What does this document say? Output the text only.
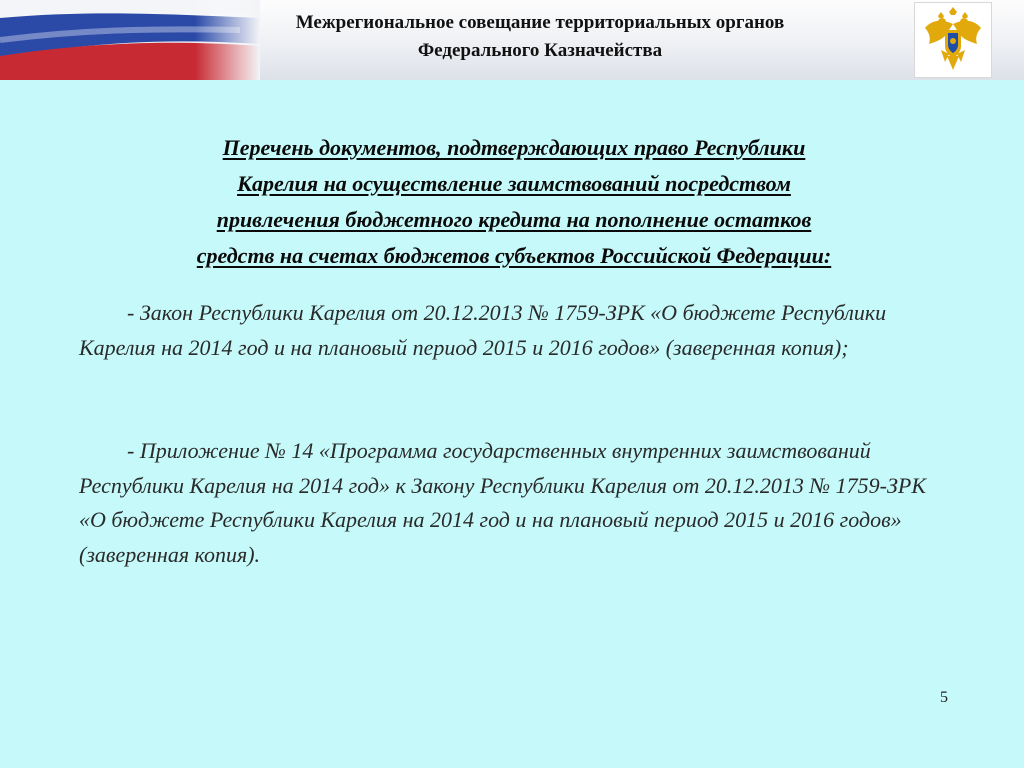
Межрегиональное совещание территориальных органов
Федерального Казначейства
Перечень документов, подтверждающих право Республики
Карелия на осуществление заимствований посредством
привлечения бюджетного кредита на пополнение остатков
средств на счетах бюджетов субъектов Российской Федерации:

- Закон Республики Карелия от 20.12.2013 № 1759-ЗРК «О бюджете Республики Карелия на 2014 год и на плановый период 2015 и 2016 годов» (заверенная копия);

- Приложение № 14 «Программа государственных внутренних заимствований Республики Карелия на 2014 год» к Закону Республики Карелия от 20.12.2013 № 1759-ЗРК «О бюджете Республики Карелия на 2014 год и на плановый период 2015 и 2016 годов» (заверенная копия).

5
